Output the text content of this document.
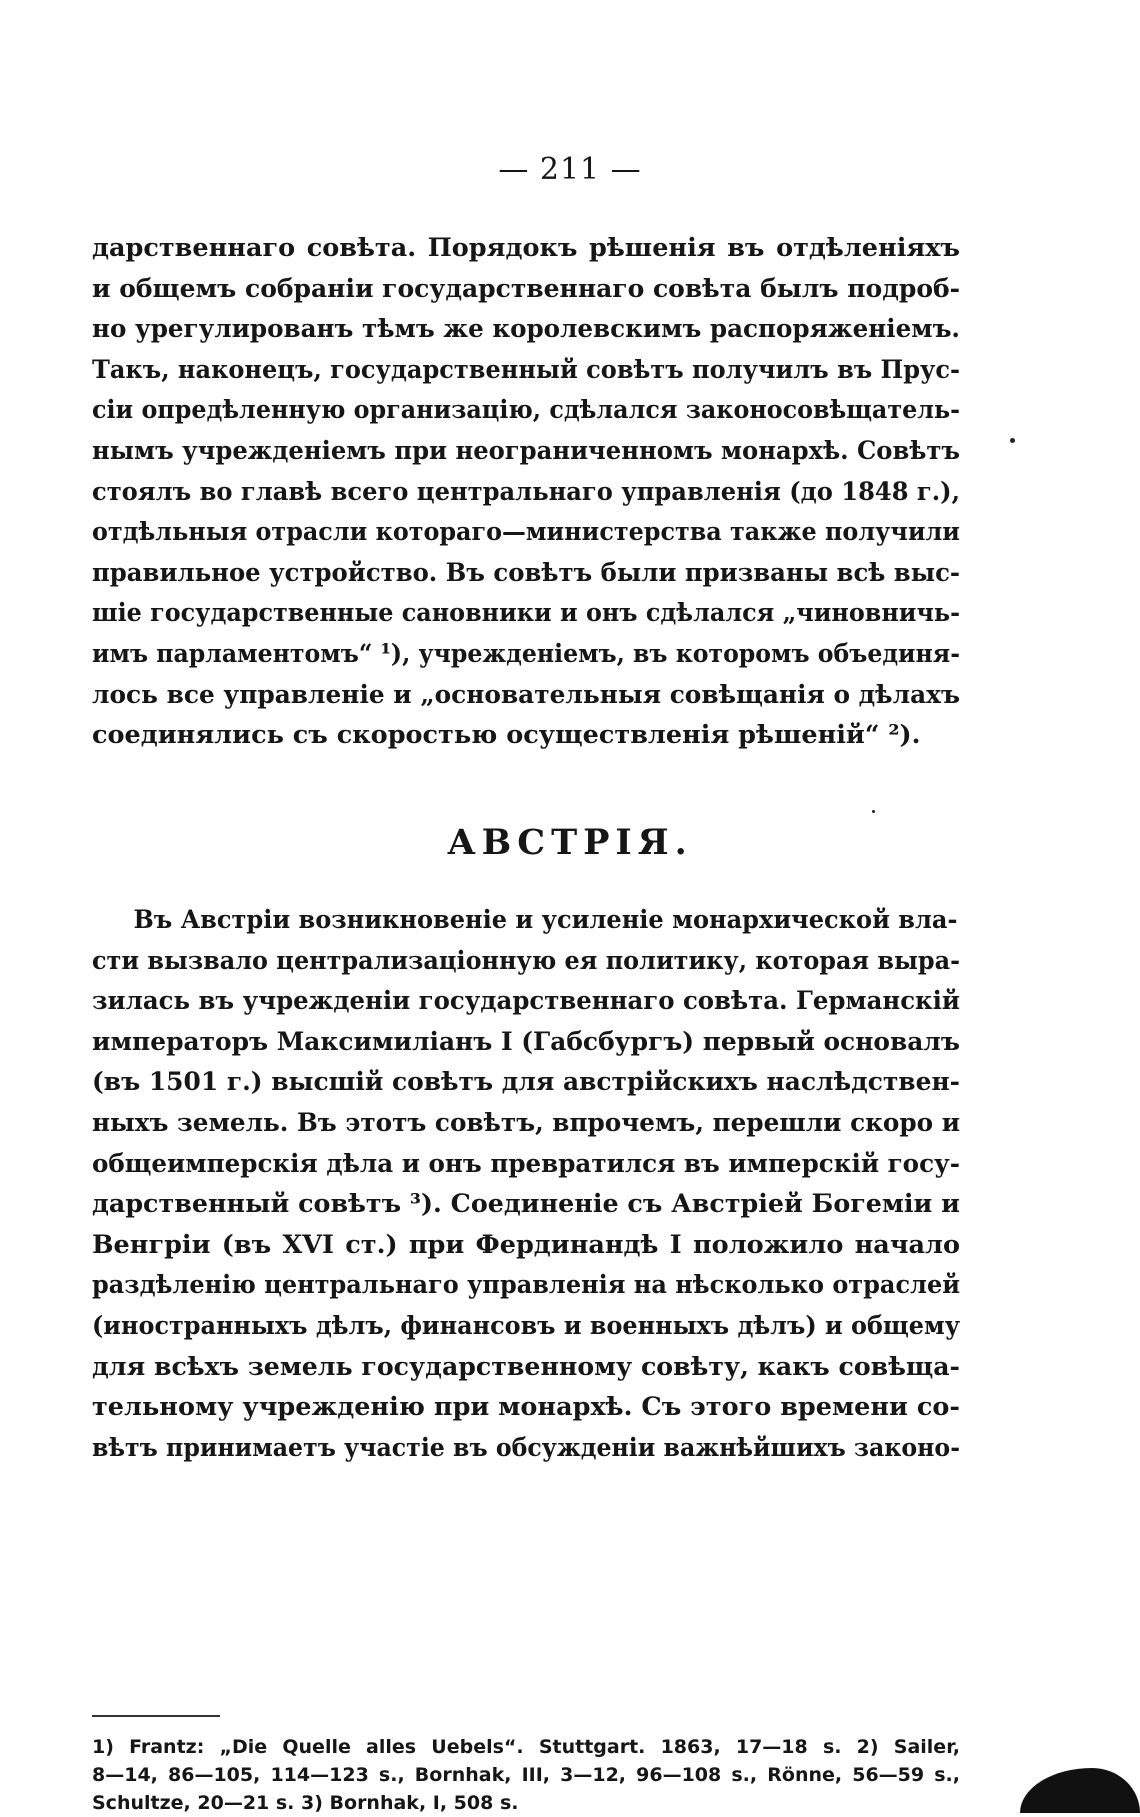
— 211 —
дарственнаго совѣта. Порядокъ рѣшенія въ отдѣленіяхъ
и общемъ собраніи государственнаго совѣта былъ подроб-
но урегулированъ тѣмъ же королевскимъ распоряженіемъ.
Такъ, наконецъ, государственный совѣтъ получилъ въ Прус-
сіи опредѣленную организацію, сдѣлался законосовѣщатель-
нымъ учрежденіемъ при неограниченномъ монархѣ. Совѣтъ
стоялъ во главѣ всего центральнаго управленія (до 1848 г.),
отдѣльныя отрасли котораго—министерства также получили
правильное устройство. Въ совѣтъ были призваны всѣ выс-
шіе государственные сановники и онъ сдѣлался „чиновничь-
имъ парламентомъ“ ¹), учрежденіемъ, въ которомъ объединя-
лось все управленіе и „основательныя совѣщанія о дѣлахъ
соединялись съ скоростью осуществленія рѣшеній“ ²).
АВСТРІЯ.
Въ Австріи возникновеніе и усиленіе монархической вла-
сти вызвало централизаціонную ея политику, которая выра-
зилась въ учрежденіи государственнаго совѣта. Германскій
императоръ Максимиліанъ I (Габсбургъ) первый основалъ
(въ 1501 г.) высшій совѣтъ для австрійскихъ наслѣдствен-
ныхъ земель. Въ этотъ совѣтъ, впрочемъ, перешли скоро и
общеимперскія дѣла и онъ превратился въ имперскій госу-
дарственный совѣтъ ³). Соединеніе съ Австріей Богеміи и
Венгріи (въ XVI ст.) при Фердинандѣ I положило начало
раздѣленію центральнаго управленія на нѣсколько отраслей
(иностранныхъ дѣлъ, финансовъ и военныхъ дѣлъ) и общему
для всѣхъ земель государственному совѣту, какъ совѣща-
тельному учрежденію при монархѣ. Съ этого времени со-
вѣтъ принимаетъ участіе въ обсужденіи важнѣйшихъ законо-
1) Frantz: „Die Quelle alles Uebels“. Stuttgart. 1863, 17—18 s. 2) Sailer,
8—14, 86—105, 114—123 s., Bornhak, III, 3—12, 96—108 s., Rönne, 56—59 s.,
Schultze, 20—21 s. 3) Bornhak, I, 508 s.
